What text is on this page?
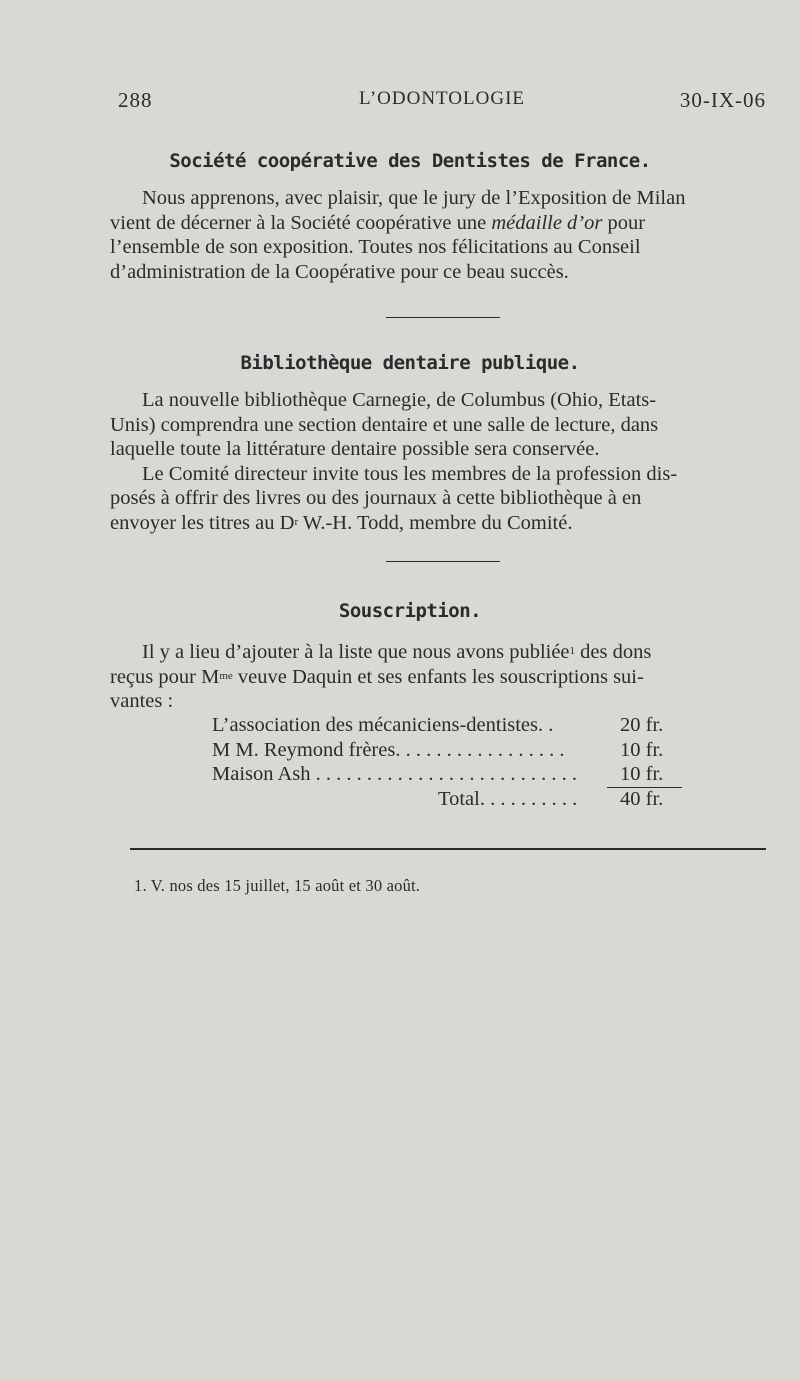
288	L’ODONTOLOGIE	30-IX-06
Société coopérative des Dentistes de France.
Nous apprenons, avec plaisir, que le jury de l’Exposition de Milan
vient de décerner à la Société coopérative une médaille d’or pour
l’ensemble de son exposition. Toutes nos félicitations au Conseil
d’administration de la Coopérative pour ce beau succès.
Bibliothèque dentaire publique.
La nouvelle bibliothèque Carnegie, de Columbus (Ohio, Etats-
Unis) comprendra une section dentaire et une salle de lecture, dans
laquelle toute la littérature dentaire possible sera conservée.
Le Comité directeur invite tous les membres de la profession dis-
posés à offrir des livres ou des journaux à cette bibliothèque à en
envoyer les titres au $D^r$ W.-H. Todd, membre du Comité.
Souscription.
Il y a lieu d’ajouter à la liste que nous avons publiée$^1$ des dons
reçus pour $M^{me}$ veuve Daquin et ses enfants les souscriptions sui-
vantes :
L’association des mécaniciens-dentistes. .	20 fr.
M M. Reymond frères. . . . . . . . . . . . . . . . .	10 fr.
Maison Ash . . . . . . . . . . . . . . . . . . . . . . . . . . 10 fr.
Total. . . . . . . . . . 40 fr.
1. V. nos des 15 juillet, 15 août et 30 août.
